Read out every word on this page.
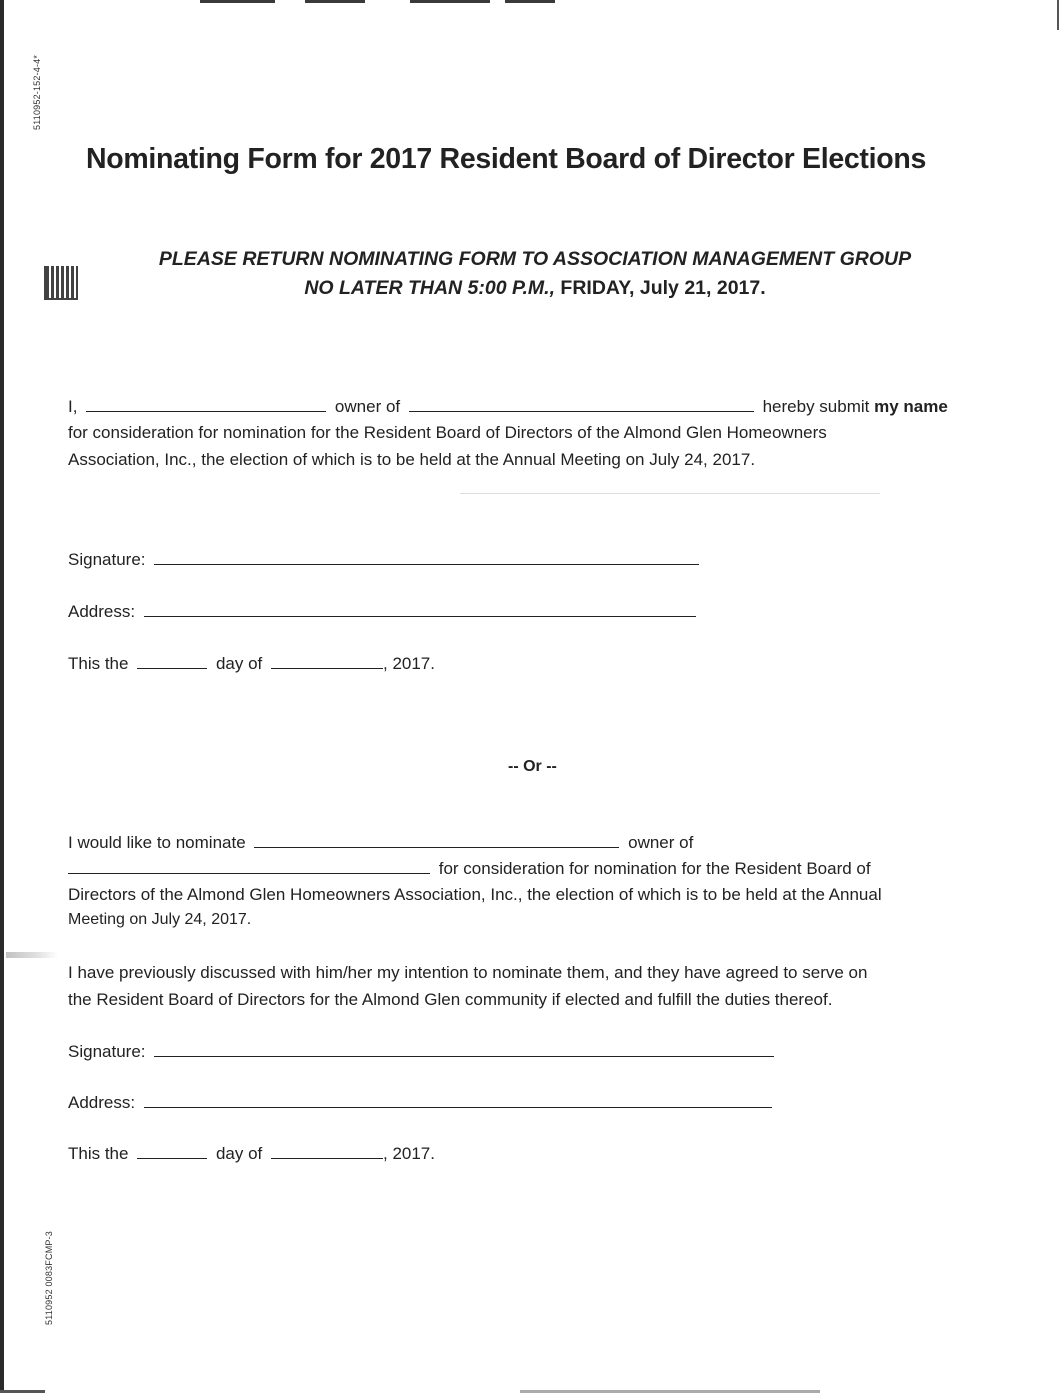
5110952-152-4-4*
5110952 0083FCMP-3
Nominating Form for 2017 Resident Board of Director Elections
PLEASE RETURN NOMINATING FORM TO ASSOCIATION MANAGEMENT GROUP
NO LATER THAN 5:00 P.M., FRIDAY, July 21, 2017.
I,	owner of	hereby submit my name
for consideration for nomination for the Resident Board of Directors of the Almond Glen Homeowners
Association, Inc., the election of which is to be held at the Annual Meeting on July 24, 2017.
Signature:
Address:
This the	day of	, 2017.
-- Or --
I would like to nominate	owner of
for consideration for nomination for the Resident Board of
Directors of the Almond Glen Homeowners Association, Inc., the election of which is to be held at the Annual
Meeting on July 24, 2017.
I have previously discussed with him/her my intention to nominate them, and they have agreed to serve on
the Resident Board of Directors for the Almond Glen community if elected and fulfill the duties thereof.
Signature:
Address:
This the	day of	, 2017.
